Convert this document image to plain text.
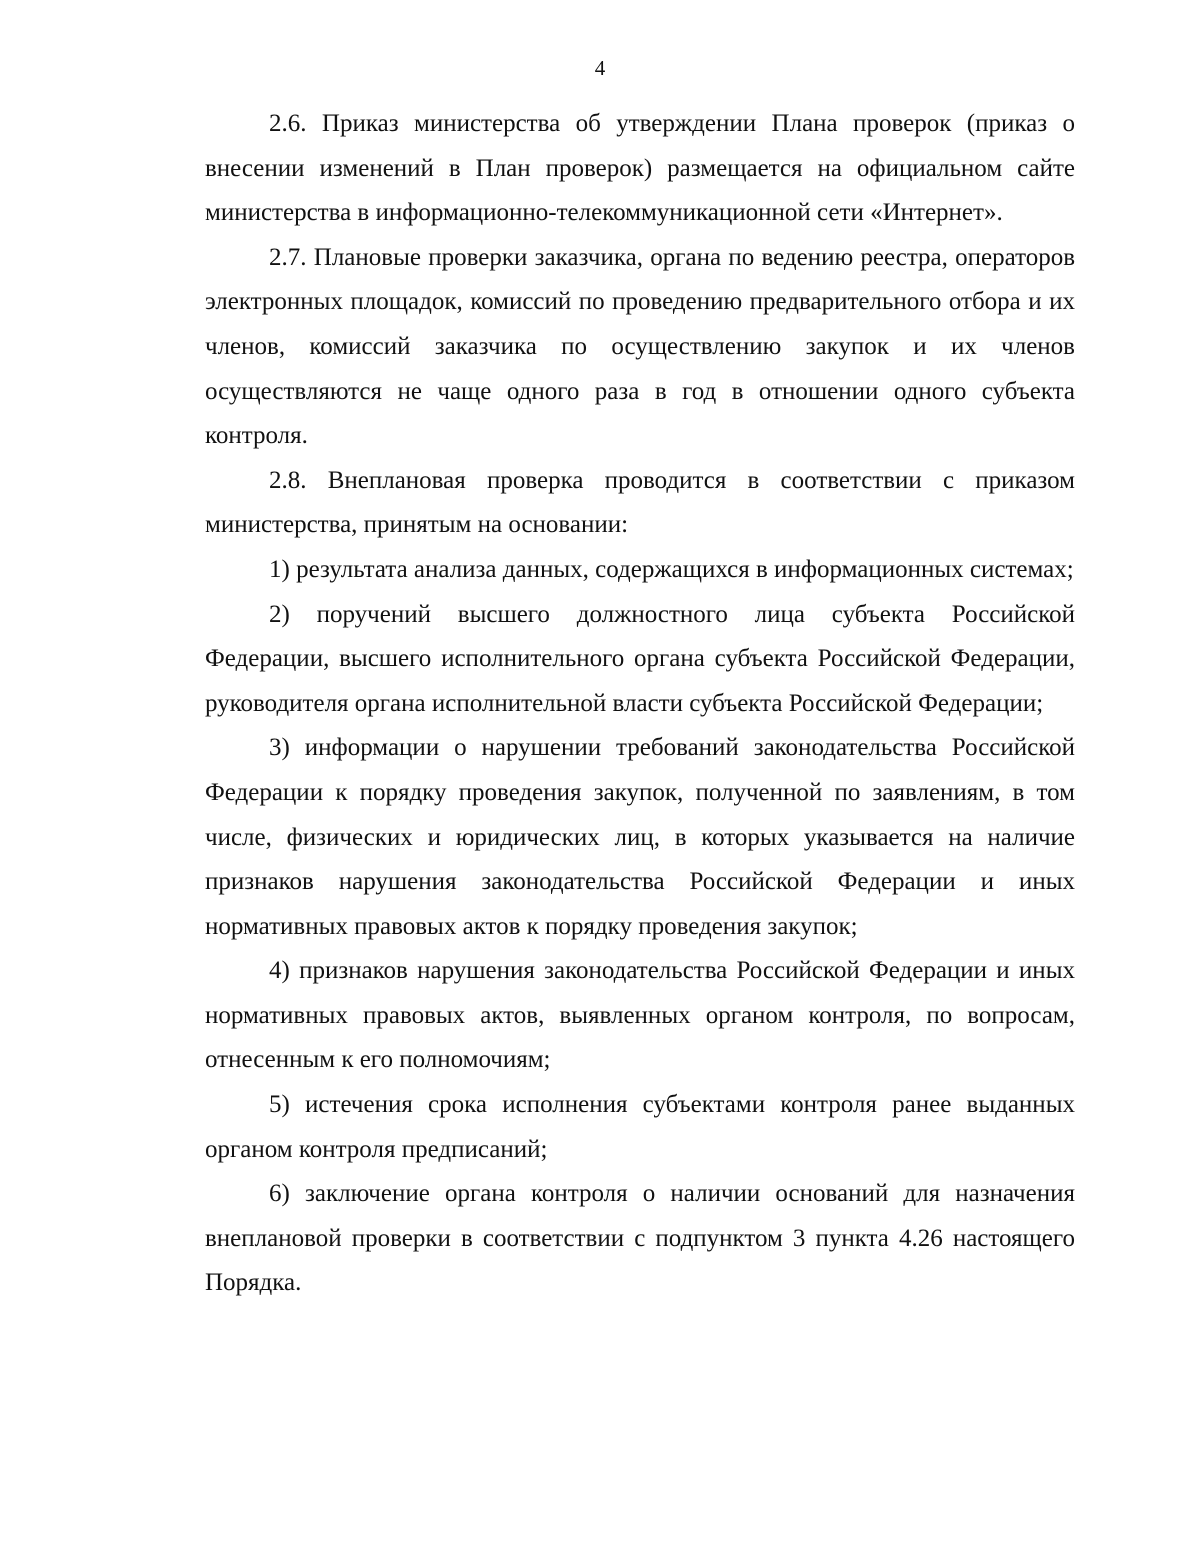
4

2.6. Приказ министерства об утверждении Плана проверок (приказ о внесении изменений в План проверок) размещается на официальном сайте министерства в информационно-телекоммуникационной сети «Интернет».

2.7. Плановые проверки заказчика, органа по ведению реестра, операторов электронных площадок, комиссий по проведению предварительного отбора и их членов, комиссий заказчика по осуществлению закупок и их членов осуществляются не чаще одного раза в год в отношении одного субъекта контроля.

2.8. Внеплановая проверка проводится в соответствии с приказом министерства, принятым на основании:

1) результата анализа данных, содержащихся в информационных системах;

2) поручений высшего должностного лица субъекта Российской Федерации, высшего исполнительного органа субъекта Российской Федерации, руководителя органа исполнительной власти субъекта Российской Федерации;

3) информации о нарушении требований законодательства Российской Федерации к порядку проведения закупок, полученной по заявлениям, в том числе, физических и юридических лиц, в которых указывается на наличие признаков нарушения законодательства Российской Федерации и иных нормативных правовых актов к порядку проведения закупок;

4) признаков нарушения законодательства Российской Федерации и иных нормативных правовых актов, выявленных органом контроля, по вопросам, отнесенным к его полномочиям;

5) истечения срока исполнения субъектами контроля ранее выданных органом контроля предписаний;

6) заключение органа контроля о наличии оснований для назначения внеплановой проверки в соответствии с подпунктом 3 пункта 4.26 настоящего Порядка.
